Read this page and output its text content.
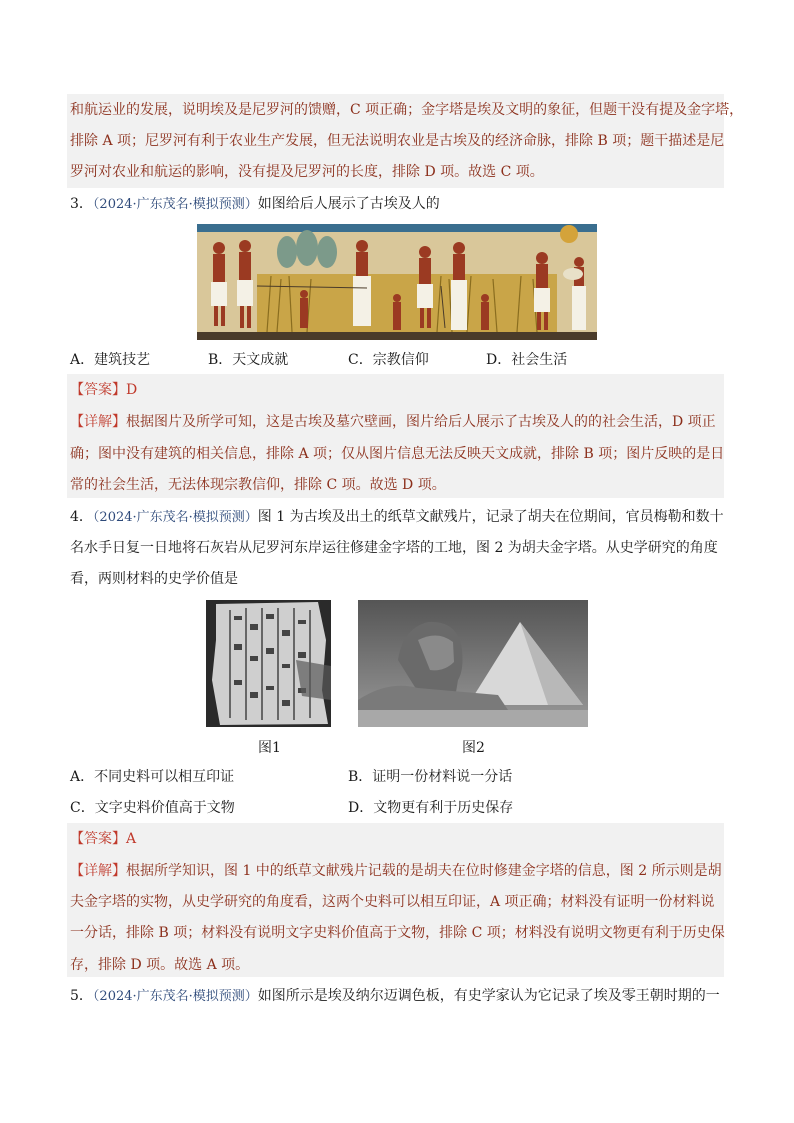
和航运业的发展，说明埃及是尼罗河的馈赠，C 项正确；金字塔是埃及文明的象征，但题干没有提及金字塔，
排除 A 项；尼罗河有利于农业生产发展，但无法说明农业是古埃及的经济命脉，排除 B 项；题干描述是尼
罗河对农业和航运的影响，没有提及尼罗河的长度，排除 D 项。故选 C 项。
3．（2024·广东茂名·模拟预测）如图给后人展示了古埃及人的
A．建筑技艺	B．天文成就	C．宗教信仰	D．社会生活
【答案】D
【详解】根据图片及所学可知，这是古埃及墓穴壁画，图片给后人展示了古埃及人的的社会生活，D 项正
确；图中没有建筑的相关信息，排除 A 项；仅从图片信息无法反映天文成就，排除 B 项；图片反映的是日
常的社会生活，无法体现宗教信仰，排除 C 项。故选 D 项。
4．（2024·广东茂名·模拟预测）图 1 为古埃及出土的纸草文献残片，记录了胡夫在位期间，官员梅勒和数十
名水手日复一日地将石灰岩从尼罗河东岸运往修建金字塔的工地，图 2 为胡夫金字塔。从史学研究的角度
看，两则材料的史学价值是
图1	图2
A．不同史料可以相互印证	B．证明一份材料说一分话
C．文字史料价值高于文物	D．文物更有利于历史保存
【答案】A
【详解】根据所学知识，图 1 中的纸草文献残片记载的是胡夫在位时修建金字塔的信息，图 2 所示则是胡
夫金字塔的实物，从史学研究的角度看，这两个史料可以相互印证，A 项正确；材料没有证明一份材料说
一分话，排除 B 项；材料没有说明文字史料价值高于文物，排除 C 项；材料没有说明文物更有利于历史保
存，排除 D 项。故选 A 项。
5．（2024·广东茂名·模拟预测）如图所示是埃及纳尔迈调色板，有史学家认为它记录了埃及零王朝时期的一
